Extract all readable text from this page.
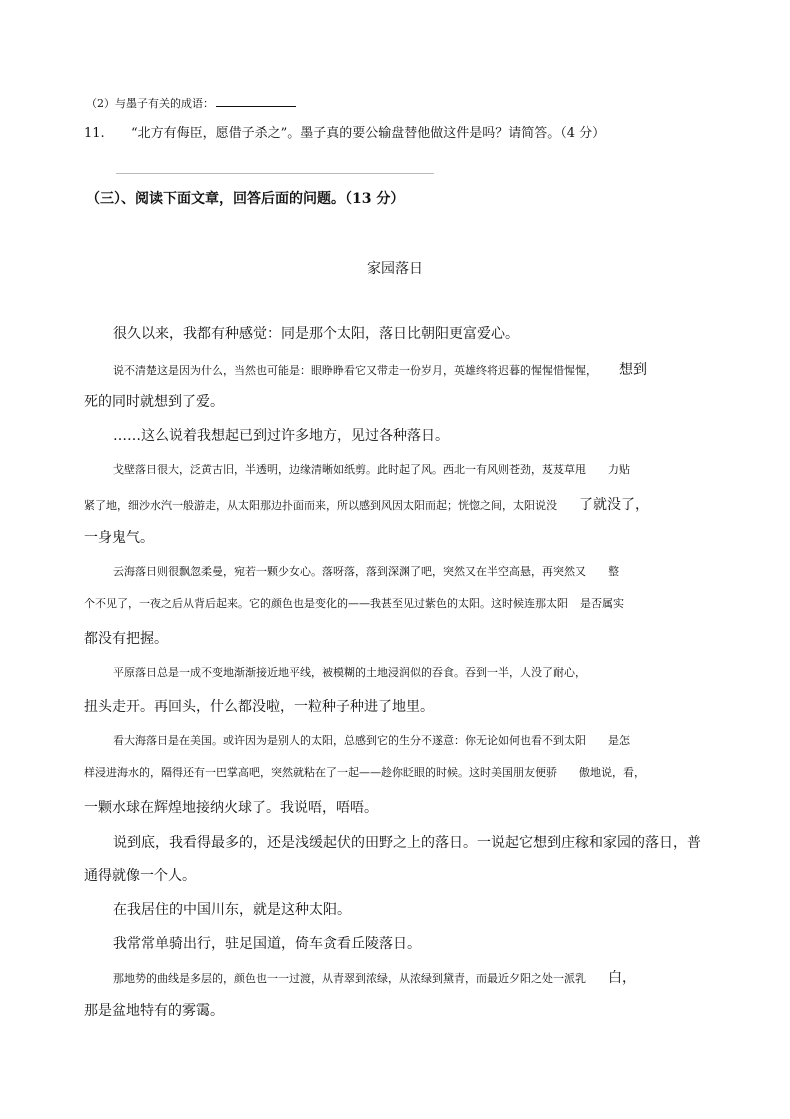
（2）与墨子有关的成语：
11. “北方有侮臣，愿借子杀之”。墨子真的要公输盘替他做这件是吗？请简答。（4 分）
（三）、阅读下面文章，回答后面的问题。（13 分）
家园落日
很久以来，我都有种感觉：同是那个太阳，落日比朝阳更富爱心。
说不清楚这是因为什么，当然也可能是：眼睁睁看它又带走一份岁月，英雄终将迟暮的惺惺惜惺惺， 想到
死的同时就想到了爱。
……这么说着我想起已到过许多地方，见过各种落日。
戈壁落日很大，泛黄古旧，半透明，边缘清晰如纸剪。此时起了风。西北一有风则苍劲，芨芨草甩 力贴
紧了地，细沙水汽一般游走，从太阳那边扑面而来，所以感到风因太阳而起；恍惚之间，太阳说没 了就没了，
一身鬼气。
云海落日则很飘忽柔曼，宛若一颗少女心。落呀落，落到深渊了吧，突然又在半空高悬，再突然又 整
个不见了，一夜之后从背后起来。它的颜色也是变化的——我甚至见过紫色的太阳。这时候连那太阳 是否属实
都没有把握。
平原落日总是一成不变地渐渐接近地平线，被模糊的土地浸润似的吞食。吞到一半，人没了耐心，
扭头走开。再回头，什么都没啦，一粒种子种进了地里。
看大海落日是在美国。或许因为是别人的太阳，总感到它的生分不遂意：你无论如何也看不到太阳 是怎
样浸进海水的，隔得还有一巴掌高吧，突然就粘在了一起——趁你眨眼的时候。这时美国朋友便骄 傲地说，看，
一颗水球在辉煌地接纳火球了。我说唔，唔唔。
说到底，我看得最多的，还是浅缓起伏的田野之上的落日。一说起它想到庄稼和家园的落日，普
通得就像一个人。
在我居住的中国川东，就是这种太阳。
我常常单骑出行，驻足国道，倚车贪看丘陵落日。
那地势的曲线是多层的，颜色也一一过渡，从青翠到浓绿，从浓绿到黛青，而最近夕阳之处一派乳 白，
那是盆地特有的雾霭。
